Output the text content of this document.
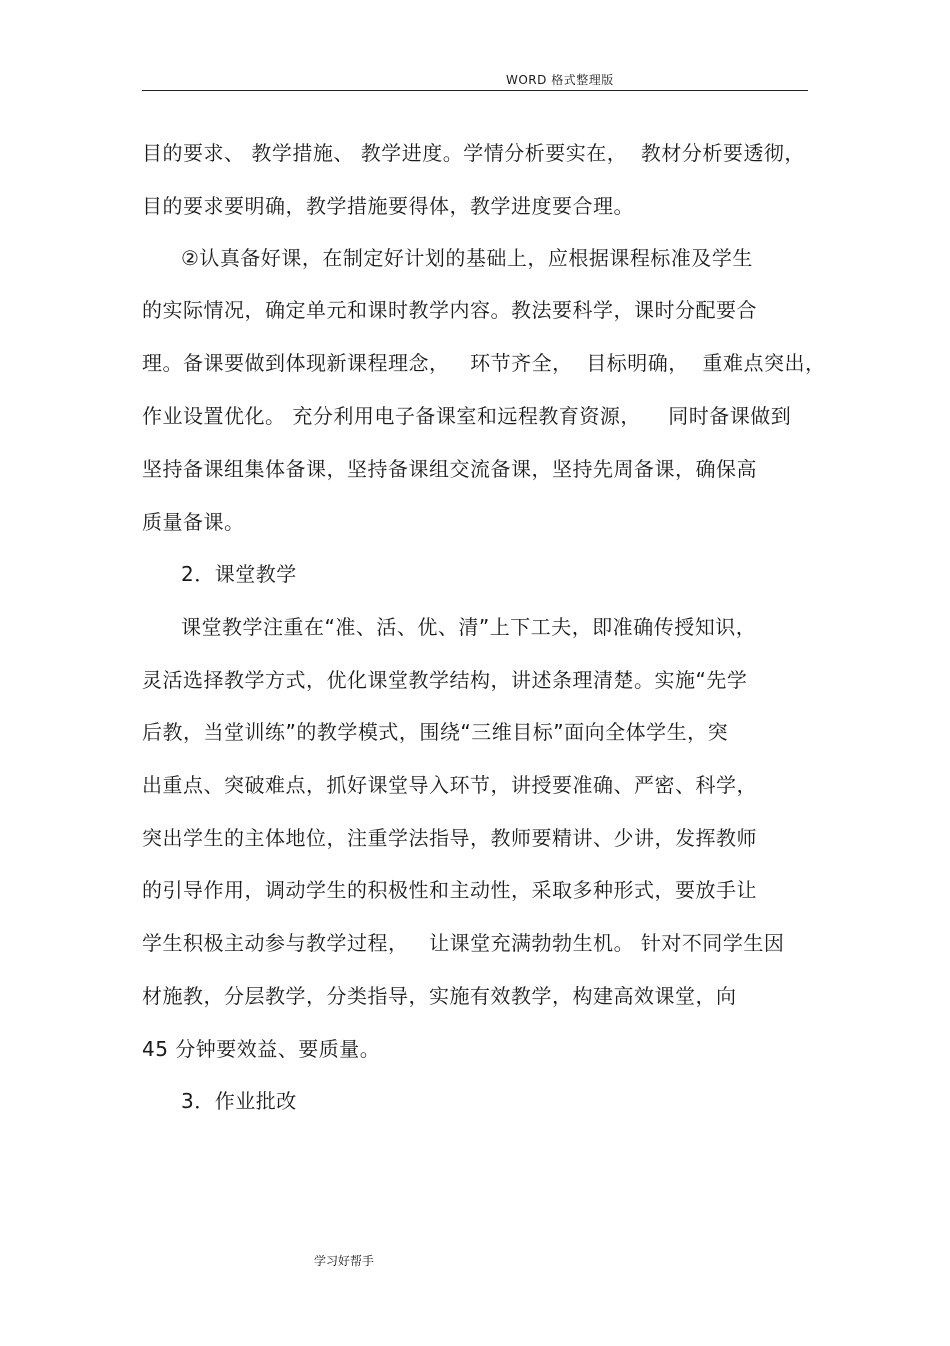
WORD 格式整理版
目的要求、 教学措施、 教学进度。学情分析要实在，  教材分析要透彻，
目的要求要明确，教学措施要得体，教学进度要合理。
②认真备好课，在制定好计划的基础上，应根据课程标准及学生
的实际情况，确定单元和课时教学内容。教法要科学，课时分配要合
理。备课要做到体现新课程理念，   环节齐全，  目标明确，  重难点突出，
作业设置优化。 充分利用电子备课室和远程教育资源，    同时备课做到
坚持备课组集体备课，坚持备课组交流备课，坚持先周备课，确保高
质量备课。
2．课堂教学
课堂教学注重在“准、活、优、清”上下工夫，即准确传授知识，
灵活选择教学方式，优化课堂教学结构，讲述条理清楚。实施“先学
后教，当堂训练”的教学模式，围绕“三维目标”面向全体学生，突
出重点、突破难点，抓好课堂导入环节，讲授要准确、严密、科学，
突出学生的主体地位，注重学法指导，教师要精讲、少讲，发挥教师
的引导作用，调动学生的积极性和主动性，采取多种形式，要放手让
学生积极主动参与教学过程，   让课堂充满勃勃生机。 针对不同学生因
材施教，分层教学，分类指导，实施有效教学，构建高效课堂，向
45 分钟要效益、要质量。
3．作业批改
学习好帮手
